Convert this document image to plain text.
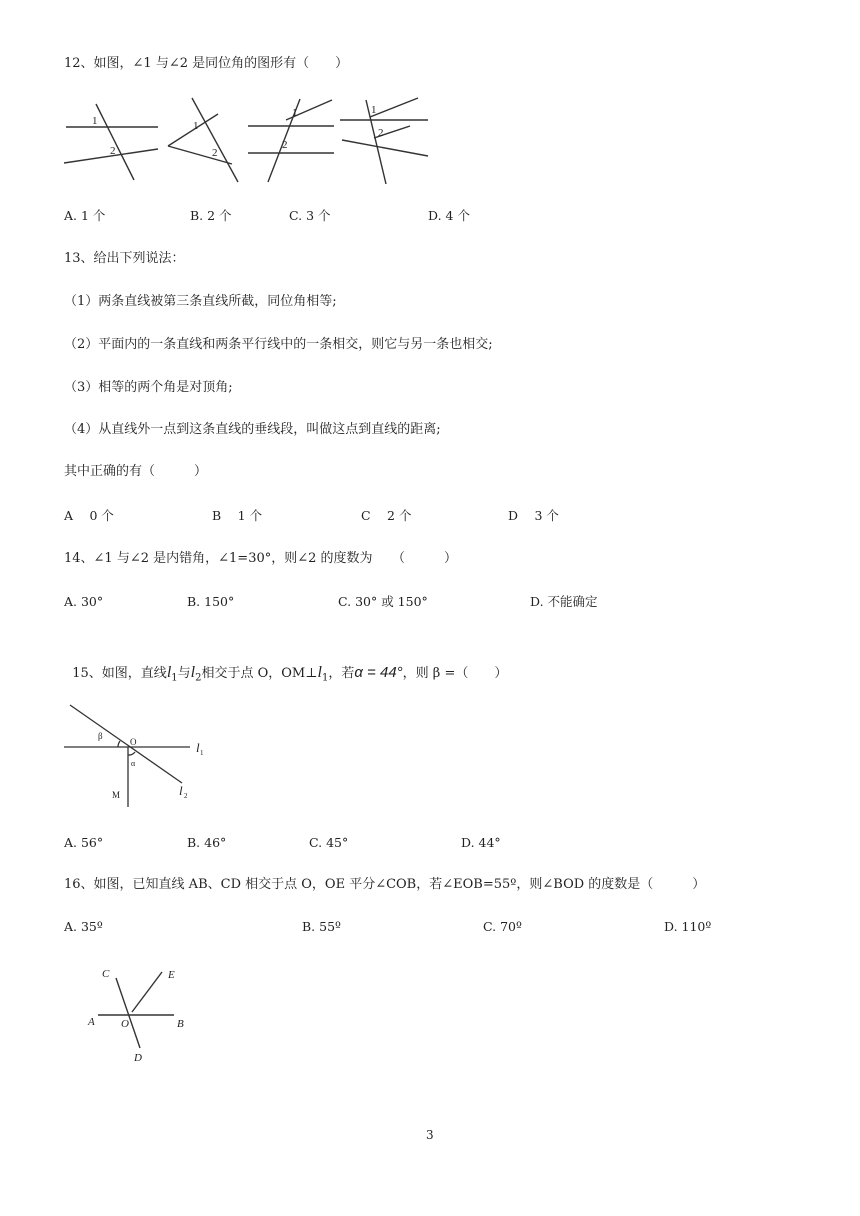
12、如图，∠1 与∠2 是同位角的图形有（　　）
1
2
1
2
1
2
1
2
A. 1 个	B. 2 个	C. 3 个	D. 4 个
13、给出下列说法：
（1）两条直线被第三条直线所截，同位角相等;
（2）平面内的一条直线和两条平行线中的一条相交，则它与另一条也相交;
（3）相等的两个角是对顶角;
（4）从直线外一点到这条直线的垂线段，叫做这点到直线的距离;
其中正确的有（　　　）
A　 0 个	B　 1 个	C　 2 个	D　 3 个
14、∠1 与∠2 是内错角，∠1=30°，则∠2 的度数为　　（　　　）
A. 30°	B. 150°	C. 30° 或 150°	D. 不能确定

15、如图，直线$l_1$与$l_2$相交于点 O，$OM\perp l_1$，若α = 44°，则 β =（　　）

β
O
α
M
l 1
l 2
A. 56°	B. 46°	C. 45°	D. 44°
16、如图，已知直线 AB、CD 相交于点 O，OE 平分∠COB，若∠EOB=55º，则∠BOD 的度数是（　　　）
A. 35º	B. 55º	C. 70º	D. 110º
C	E
A O	B
D
3
